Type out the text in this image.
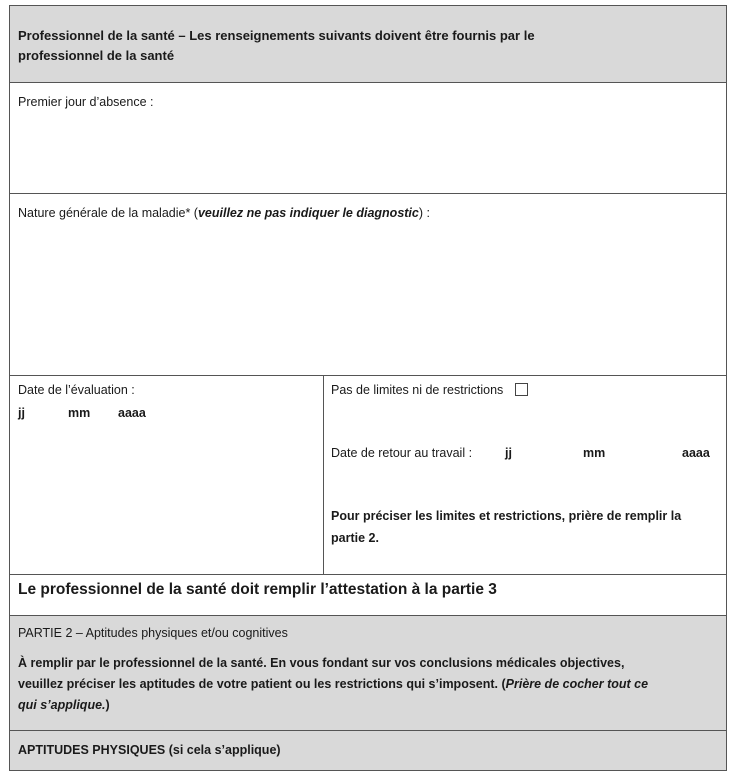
Professionnel de la santé – Les renseignements suivants doivent être fournis par le
professionnel de la santé
Premier jour d’absence :
Nature générale de la maladie* (veuillez ne pas indiquer le diagnostic) :
Date de l’évaluation :
jj	mm aaaa
Pas de limites ni de restrictions
Date de retour au travail :	jj	mm	aaaa
Pour préciser les limites et restrictions, prière de remplir la
partie 2.
Le professionnel de la santé doit remplir l’attestation à la partie 3
PARTIE 2 – Aptitudes physiques et/ou cognitives
À remplir par le professionnel de la santé. En vous fondant sur vos conclusions médicales objectives,
veuillez préciser les aptitudes de votre patient ou les restrictions qui s’imposent. (Prière de cocher tout ce
qui s’applique.)
APTITUDES PHYSIQUES (si cela s’applique)
